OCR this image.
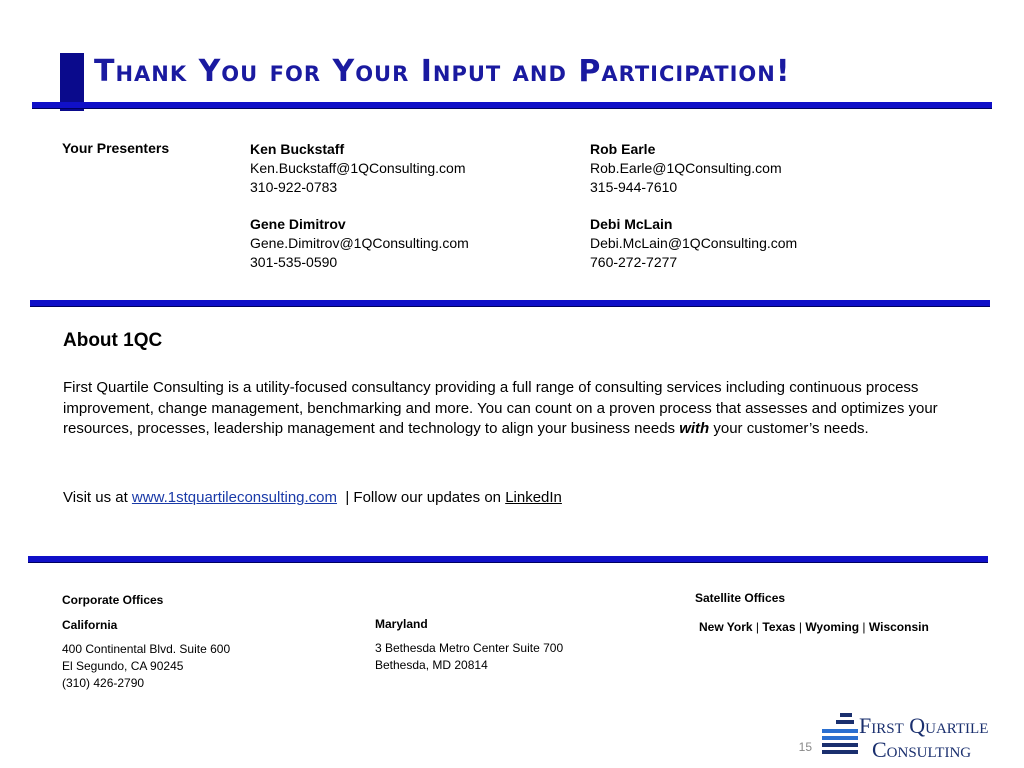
Thank You for Your Input and Participation!
Your Presenters	Ken Buckstaff
Ken.Buckstaff@1QConsulting.com
310-922-0783
Rob Earle
Rob.Earle@1QConsulting.com
315-944-7610
Gene Dimitrov
Gene.Dimitrov@1QConsulting.com
301-535-0590
Debi McLain
Debi.McLain@1QConsulting.com
760-272-7277
About 1QC
First Quartile Consulting is a utility-focused consultancy providing a full range of consulting services including continuous process improvement, change management, benchmarking and more. You can count on a proven process that assesses and optimizes your resources, processes, leadership management and technology to align your business needs with your customer’s needs.
Visit us at www.1stquartileconsulting.com  | Follow our updates on LinkedIn
Corporate Offices
California
400 Continental Blvd. Suite 600
El Segundo, CA 90245
(310) 426-2790
Maryland
3 Bethesda Metro Center Suite 700
Bethesda, MD 20814
Satellite Offices
New York | Texas | Wyoming | Wisconsin
15
First Quartile
Consulting
